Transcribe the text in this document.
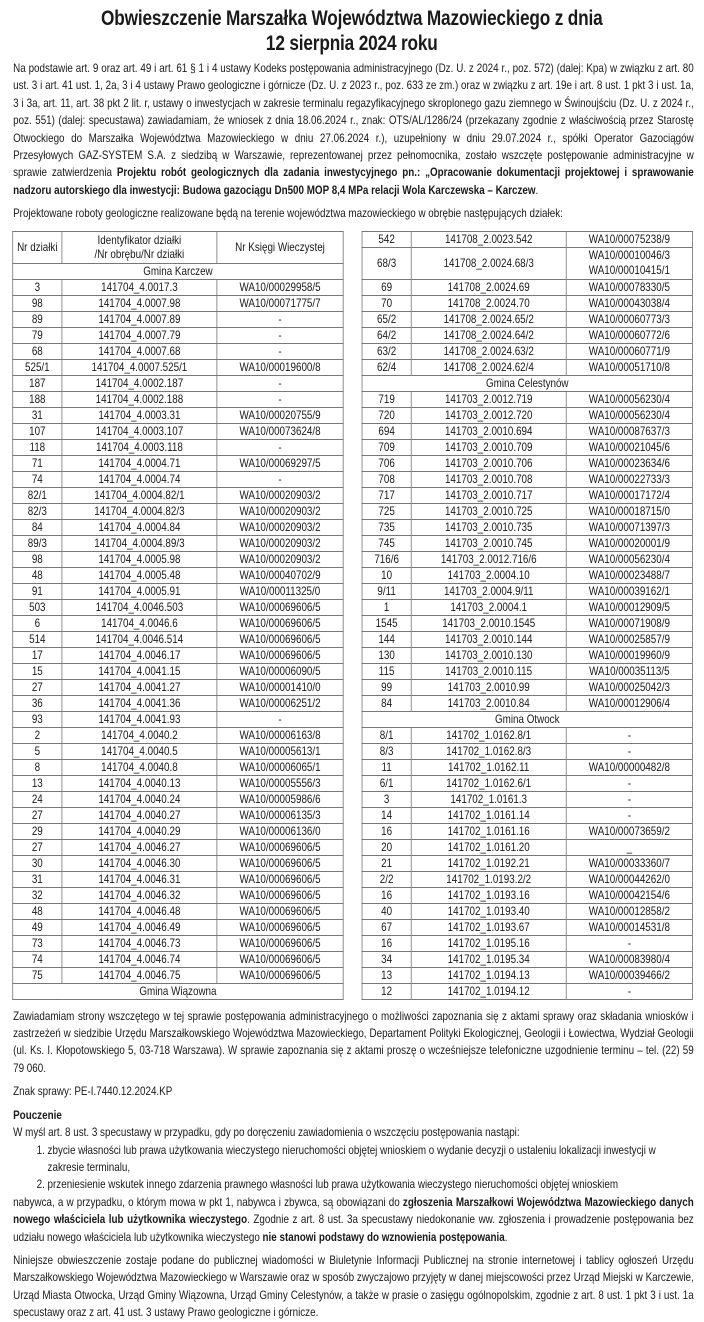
Obwieszczenie Marszałka Województwa Mazowieckiego z dnia
12 sierpnia 2024 roku

Na podstawie art. 9 oraz art. 49 i art. 61 § 1 i 4 ustawy Kodeks postępowania administracyjnego (Dz. U. z 2024 r., poz. 572) (dalej: Kpa) w związku z art. 80 ust. 3 i art. 41 ust. 1, 2a, 3 i 4 ustawy Prawo geologiczne i górnicze (Dz. U. z 2023 r., poz. 633 ze zm.) oraz w związku z art. 19e i art. 8 ust. 1 pkt 3 i ust. 1a, 3 i 3a, art. 11, art. 38 pkt 2 lit. r, ustawy o inwestycjach w zakresie terminalu regazyfikacyjnego skroplonego gazu ziemnego w Świnoujściu (Dz. U. z 2024 r., poz. 551) (dalej: specustawa) zawiadamiam, że wniosek z dnia 18.06.2024 r., znak: OTS/AL/1286/24 (przekazany zgodnie z właściwością przez Starostę Otwockiego do Marszałka Województwa Mazowieckiego w dniu 27.06.2024 r.), uzupełniony w dniu 29.07.2024 r., spółki Operator Gazociągów Przesyłowych GAZ-SYSTEM S.A. z siedzibą w Warszawie, reprezentowanej przez pełnomocnika, zostało wszczęte postępowanie administracyjne w sprawie zatwierdzenia Projektu robót geologicznych dla zadania inwestycyjnego pn.: „Opracowanie dokumentacji projektowej i sprawowanie nadzoru autorskiego dla inwestycji: Budowa gazociągu Dn500 MOP 8,4 MPa relacji Wola Karczewska – Karczew.

Projektowane roboty geologiczne realizowane będą na terenie województwa mazowieckiego w obrębie następujących działek:

Nr działki	Identyfikator działki
/Nr obrębu/Nr działki	Nr Księgi Wieczystej
Gmina Karczew		
3	141704_4.0017.3	WA10/00029958/5
98	141704_4.0007.98	WA10/00071775/7
89	141704_4.0007.89	-
79	141704_4.0007.79	-
68	141704_4.0007.68	-
525/1	141704_4.0007.525/1	WA10/00019600/8
187	141704_4.0002.187	-
188	141704_4.0002.188	-
31	141704_4.0003.31	WA10/00020755/9
107	141704_4.0003.107	WA10/00073624/8
118	141704_4.0003.118	-
71	141704_4.0004.71	WA10/00069297/5
74	141704_4.0004.74	-
82/1	141704_4.0004.82/1	WA10/00020903/2
82/3	141704_4.0004.82/3	WA10/00020903/2
84	141704_4.0004.84	WA10/00020903/2
89/3	141704_4.0004.89/3	WA10/00020903/2
98	141704_4.0005.98	WA10/00020903/2
48	141704_4.0005.48	WA10/00040702/9
91	141704_4.0005.91	WA10/00011325/0
503	141704_4.0046.503	WA10/00069606/5
6	141704_4.0046.6	WA10/00069606/5
514	141704_4.0046.514	WA10/00069606/5
17	141704_4.0046.17	WA10/00069606/5
15	141704_4.0041.15	WA10/00006090/5
27	141704_4.0041.27	WA10/00001410/0
36	141704_4.0041.36	WA10/00006251/2
93	141704_4.0041.93	-
2	141704_4.0040.2	WA10/00006163/8
5	141704_4.0040.5	WA10/00005613/1
8	141704_4.0040.8	WA10/00006065/1
13	141704_4.0040.13	WA10/00005556/3
24	141704_4.0040.24	WA10/00005986/6
27	141704_4.0040.27	WA10/00006135/3
29	141704_4.0040.29	WA10/00006136/0
27	141704_4.0046.27	WA10/00069606/5
30	141704_4.0046.30	WA10/00069606/5
31	141704_4.0046.31	WA10/00069606/5
32	141704_4.0046.32	WA10/00069606/5
48	141704_4.0046.48	WA10/00069606/5
49	141704_4.0046.49	WA10/00069606/5
73	141704_4.0046.73	WA10/00069606/5
74	141704_4.0046.74	WA10/00069606/5
75	141704_4.0046.75	WA10/00069606/5
Gmina Wiązowna		
542	141708_2.0023.542	WA10/00075238/9
68/3	141708_2.0024.68/3	WA10/00010046/3
WA10/00010415/1

69	141708_2.0024.69	WA10/00078330/5
70	141708_2.0024.70	WA10/00043038/4
65/2	141708_2.0024.65/2	WA10/00060773/3
64/2	141708_2.0024.64/2	WA10/00060772/6
63/2	141708_2.0024.63/2	WA10/00060771/9
62/4	141708_2.0024.62/4	WA10/00051710/8
Gmina Celestynów		
719	141703_2.0012.719	WA10/00056230/4
720	141703_2.0012.720	WA10/00056230/4
694	141703_2.0010.694	WA10/00087637/3
709	141703_2.0010.709	WA10/00021045/6
706	141703_2.0010.706	WA10/00023634/6
708	141703_2.0010.708	WA10/00022733/3
717	141703_2.0010.717	WA10/00017172/4
725	141703_2.0010.725	WA10/00018715/0
735	141703_2.0010.735	WA10/00071397/3
745	141703_2.0010.745	WA10/00020001/9
716/6	141703_2.0012.716/6	WA10/00056230/4
10	141703_2.0004.10	WA10/00023488/7
9/11	141703_2.0004.9/11	WA10/00039162/1
1	141703_2.0004.1	WA10/00012909/5
1545	141703_2.0010.1545	WA10/00071908/9
144	141703_2.0010.144	WA10/00025857/9
130	141703_2.0010.130	WA10/00019960/9
115	141703_2.0010.115	WA10/00035113/5
99	141703_2.0010.99	WA10/00025042/3
84	141703_2.0010.84	WA10/00012906/4
Gmina Otwock		
8/1	141702_1.0162.8/1	-
8/3	141702_1.0162.8/3	-
11	141702_1.0162.11	WA10/00000482/8
6/1	141702_1.0162.6/1	-
3	141702_1.0161.3	-
14	141702_1.0161.14	-
16	141702_1.0161.16	WA10/00073659/2
20	141702_1.0161.20	_
21	141702_1.0192.21	WA10/00033360/7
2/2	141702_1.0193.2/2	WA10/00044262/0
16	141702_1.0193.16	WA10/00042154/6
40	141702_1.0193.40	WA10/00012858/2
67	141702_1.0193.67	WA10/00014531/8
16	141702_1.0195.16	-
34	141702_1.0195.34	WA10/00083980/4
13	141702_1.0194.13	WA10/00039466/2
12	141702_1.0194.12	-

Zawiadamiam strony wszczętego w tej sprawie postępowania administracyjnego o możliwości zapoznania się z aktami sprawy oraz składania wniosków i zastrzeżeń w siedzibie Urzędu Marszałkowskiego Województwa Mazowieckiego, Departament Polityki Ekologicznej, Geologii i Łowiectwa, Wydział Geologii (ul. Ks. I. Kłopotowskiego 5, 03-718 Warszawa). W sprawie zapoznania się z aktami proszę o wcześniejsze telefoniczne uzgodnienie terminu – tel. (22) 59 79 060.

Znak sprawy: PE-I.7440.12.2024.KP

Pouczenie

W myśl art. 8 ust. 3 specustawy w przypadku, gdy po doręczeniu zawiadomienia o wszczęciu postępowania nastąpi:

1. zbycie własności lub prawa użytkowania wieczystego nieruchomości objętej wnioskiem o wydanie decyzji o ustaleniu lokalizacji inwestycji w zakresie terminalu,
2. przeniesienie wskutek innego zdarzenia prawnego własności lub prawa użytkowania wieczystego nieruchomości objętej wnioskiem

nabywca, a w przypadku, o którym mowa w pkt 1, nabywca i zbywca, są obowiązani do zgłoszenia Marszałkowi Województwa Mazowieckiego danych nowego właściciela lub użytkownika wieczystego. Zgodnie z art. 8 ust. 3a specustawy niedokonanie ww. zgłoszenia i prowadzenie postępowania bez udziału nowego właściciela lub użytkownika wieczystego nie stanowi podstawy do wznowienia postępowania.

Niniejsze obwieszczenie zostaje podane do publicznej wiadomości w Biuletynie Informacji Publicznej na stronie internetowej i tablicy ogłoszeń Urzędu Marszałkowskiego Województwa Mazowieckiego w Warszawie oraz w sposób zwyczajowo przyjęty w danej miejscowości przez Urząd Miejski w Karczewie, Urząd Miasta Otwocka, Urząd Gminy Wiązowna, Urząd Gminy Celestynów, a także w prasie o zasięgu ogólnopolskim, zgodnie z art. 8 ust. 1 pkt 3 i ust. 1a specustawy oraz z art. 41 ust. 3 ustawy Prawo geologiczne i górnicze.
